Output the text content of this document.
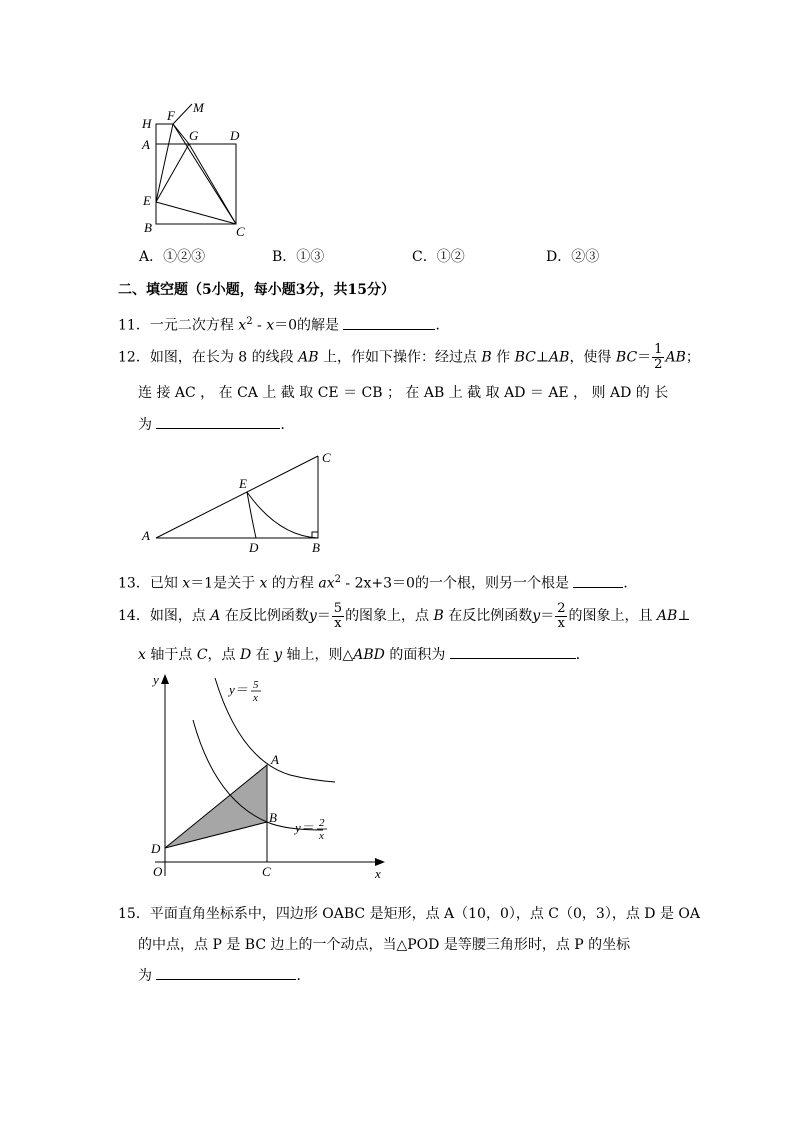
H
F
M
G D
A
E
B	C
A．①②③	B．①③	C．①②	D．②③
二、填空题（5小题，每小题3分，共15分）
11．一元二次方程 $x^2 - x=0$的解是	．
12．如图，在长为 8 的线段 AB 上，作如下操作：经过点 B 作 BC⊥AB，使得 $BC= \frac{1}{2}$ AB；
连 接 AC ， 在 CA 上 截 取 CE ＝ CB ； 在 AB 上 截 取 AD ＝ AE ， 则 AD 的 长
为	．
C
E
A
D	B
13．已知 x＝1是关于 x 的方程 $ax^2 - 2x+3=0$的一个根，则另一个根是	．
14．如图，点 A 在反比例函数$y= \frac{5}{x}$ 的图象上，点 B 在反比例函数$y= \frac{2}{x}$ 的图象上，且 AB⊥
x 轴于点 C，点 D 在 y 轴上，则△ABD 的面积为	．
y
A
B
D
O	C	x
y＝ 5
x
y＝ 2
x
15．平面直角坐标系中，四边形 OABC 是矩形，点 A（10，0），点 C（0，3），点 D 是 OA
的中点，点 P 是 BC 边上的一个动点，当△POD 是等腰三角形时，点 P 的坐标
为	．
